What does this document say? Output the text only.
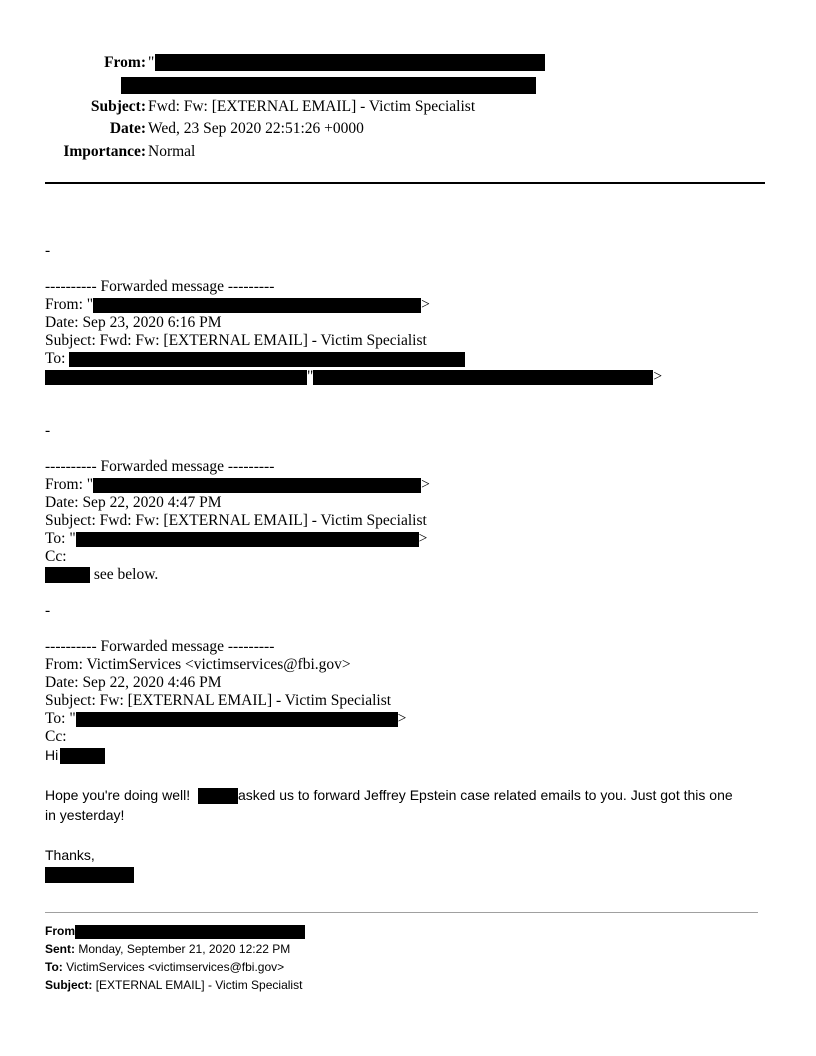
From: "
Subject: Fwd: Fw: [EXTERNAL EMAIL] - Victim Specialist
Date: Wed, 23 Sep 2020 22:51:26 +0000
Importance: Normal
-
---------- Forwarded message ---------
From: "	>
Date: Sep 23, 2020 6:16 PM
Subject: Fwd: Fw: [EXTERNAL EMAIL] - Victim Specialist
To:
"	>
-
---------- Forwarded message ---------
From: "	>
Date: Sep 22, 2020 4:47 PM
Subject: Fwd: Fw: [EXTERNAL EMAIL] - Victim Specialist
To: "	>
Cc:
see below.
-
---------- Forwarded message ---------
From: VictimServices <victimservices@fbi.gov>
Date: Sep 22, 2020 4:46 PM
Subject: Fw: [EXTERNAL EMAIL] - Victim Specialist
To: "	>
Cc:
Hi
Hope you're doing well!	asked us to forward Jeffrey Epstein case related emails to you. Just got this one
in yesterday!
Thanks,
From
Sent: Monday, September 21, 2020 12:22 PM
To: VictimServices <victimservices@fbi.gov>
Subject: [EXTERNAL EMAIL] - Victim Specialist
